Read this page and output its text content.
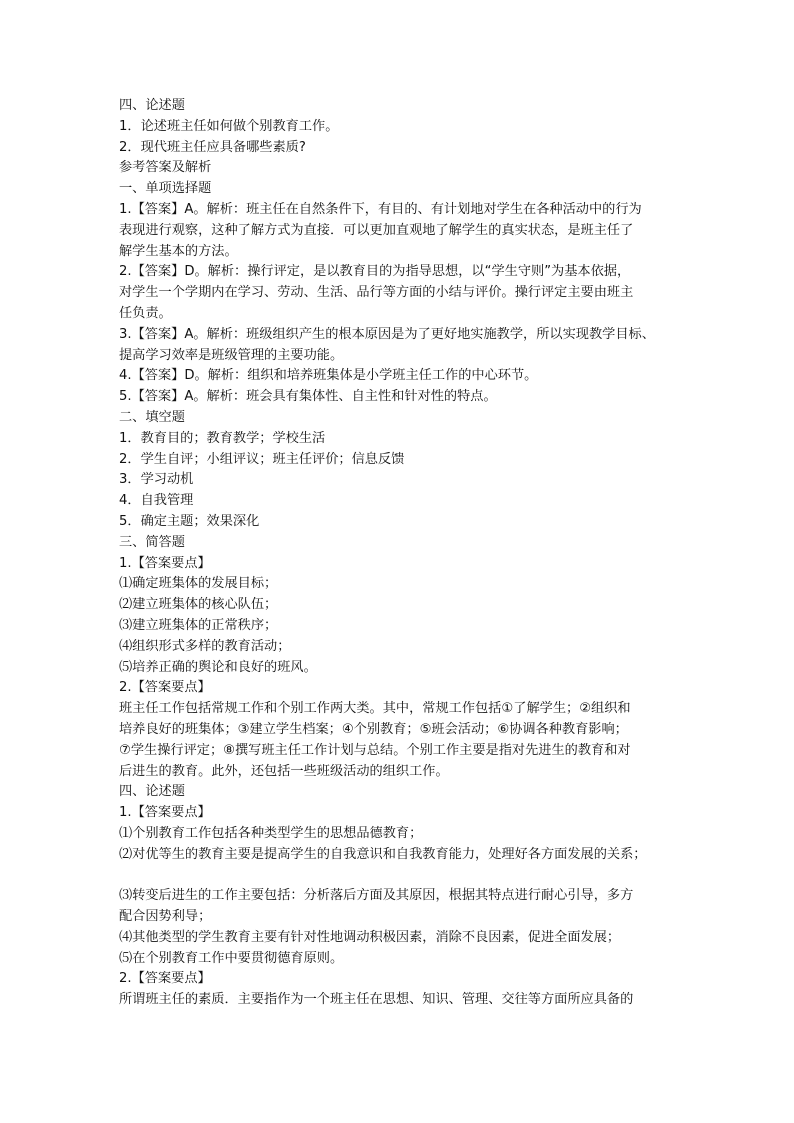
四、论述题
1．论述班主任如何做个别教育工作。
2．现代班主任应具备哪些素质?
参考答案及解析
一、单项选择题
1.【答案】A。解析：班主任在自然条件下，有目的、有计划地对学生在各种活动中的行为
表现进行观察，这种了解方式为直接．可以更加直观地了解学生的真实状态，是班主任了
解学生基本的方法。
2.【答案】D。解析：操行评定，是以教育目的为指导思想，以“学生守则”为基本依据，
对学生一个学期内在学习、劳动、生活、品行等方面的小结与评价。操行评定主要由班主
任负责。
3.【答案】A。解析：班级组织产生的根本原因是为了更好地实施教学，所以实现教学目标、
提高学习效率是班级管理的主要功能。
4.【答案】D。解析：组织和培养班集体是小学班主任工作的中心环节。
5.【答案】A。解析：班会具有集体性、自主性和针对性的特点。
二、填空题
1．教育目的；教育教学；学校生活
2．学生自评；小组评议；班主任评价；信息反馈
3．学习动机
4．自我管理
5．确定主题；效果深化
三、简答题
1.【答案要点】
⑴确定班集体的发展目标；
⑵建立班集体的核心队伍；
⑶建立班集体的正常秩序；
⑷组织形式多样的教育活动；
⑸培养正确的舆论和良好的班风。
2.【答案要点】
班主任工作包括常规工作和个别工作两大类。其中，常规工作包括①了解学生；②组织和
培养良好的班集体；③建立学生档案；④个别教育；⑤班会活动；⑥协调各种教育影响；
⑦学生操行评定；⑧撰写班主任工作计划与总结。个别工作主要是指对先进生的教育和对
后进生的教育。此外，还包括一些班级活动的组织工作。
四、论述题
1.【答案要点】
⑴个别教育工作包括各种类型学生的思想品德教育；
⑵对优等生的教育主要是提高学生的自我意识和自我教育能力，处理好各方面发展的关系；
⑶转变后进生的工作主要包括：分析落后方面及其原因，根据其特点进行耐心引导，多方
配合因势利导；
⑷其他类型的学生教育主要有针对性地调动积极因素，消除不良因素，促进全面发展；
⑸在个别教育工作中要贯彻德育原则。
2.【答案要点】
所谓班主任的素质．主要指作为一个班主任在思想、知识、管理、交往等方面所应具备的
